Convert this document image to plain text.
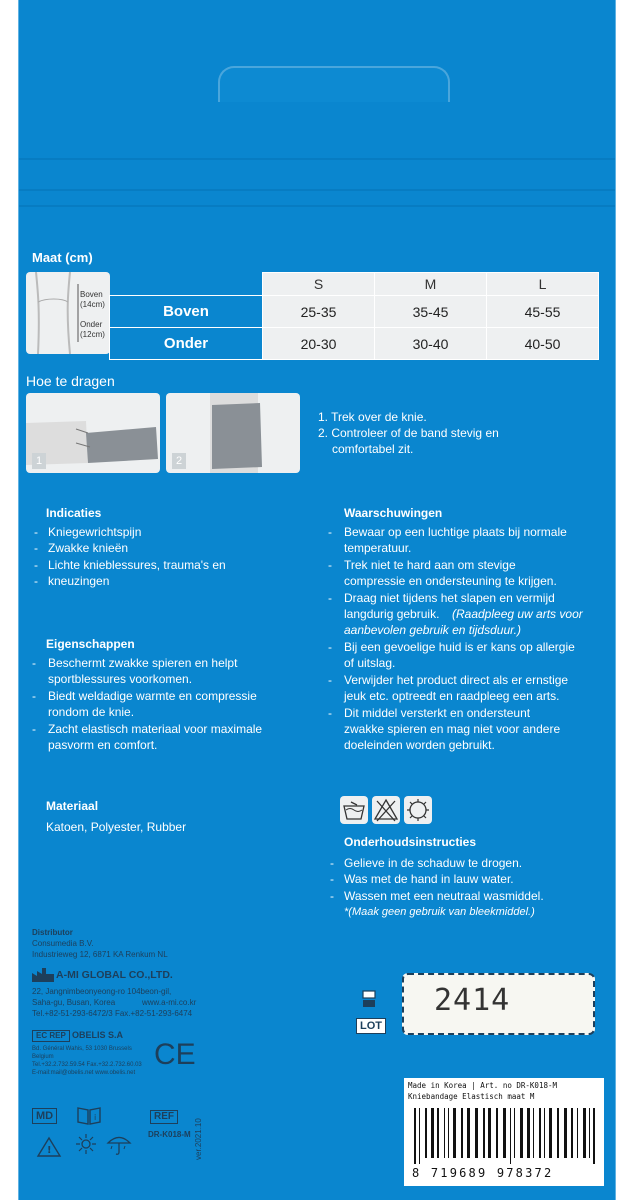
Maat (cm)
Boven
(14cm)
Onder
(12cm)
	S	M	L
Boven	25-35	35-45	45-55
Onder	20-30	30-40	40-50
Hoe te dragen
1	2
1. Trek over de knie.
2. Controleer of de band stevig en
comfortabel zit.
Indicaties
- Kniegewrichtspijn
- Zwakke knieën
- Lichte knieblessures, trauma's en
- kneuzingen
Eigenschappen
- Beschermt zwakke spieren en helpt
sportblessures voorkomen.
- Biedt weldadige warmte en compressie
rondom de knie.
- Zacht elastisch materiaal voor maximale
pasvorm en comfort.
Materiaal
Katoen, Polyester, Rubber
Waarschuwingen
- Bewaar op een luchtige plaats bij normale
temperatuur.
- Trek niet te hard aan om stevige
compressie en ondersteuning te krijgen.
- Draag niet tijdens het slapen en vermijd
langdurig gebruik. (Raadpleeg uw arts voor
aanbevolen gebruik en tijdsduur.)
- Bij een gevoelige huid is er kans op allergie
of uitslag.
- Verwijder het product direct als er ernstige
jeuk etc. optreedt en raadpleeg een arts.
- Dit middel versterkt en ondersteunt
zwakke spieren en mag niet voor andere
doeleinden worden gebruikt.
Onderhoudsinstructies
- Gelieve in de schaduw te drogen.
- Was met de hand in lauw water.
- Wassen met een neutraal wasmiddel.
*(Maak geen gebruik van bleekmiddel.)
Distributor
Consumedia B.V.
Industrieweg 12, 6871 KA Renkum NL
A-MI GLOBAL CO.,LTD.
22, Jangnimbeonyeong-ro 104beon-gil,
Saha-gu, Busan, Korea	www.a-mi.co.kr
Tel.+82-51-293-6472/3 Fax.+82-51-293-6474
EC REP OBELIS S.A
Bd. Général Wahis, 53 1030 Brussels
Belgium
Tel.+32.2.732.59.54 Fax.+32.2.732.60.03
E-mail:mail@obelis.net www.obelis.net
CE
MD	i
!
REF
DR-K018-M ver.2021.10
LOT
2414
Made in Korea | Art. no DR-K018-M
Kniebandage Elastisch maat M
8 719689 978372
